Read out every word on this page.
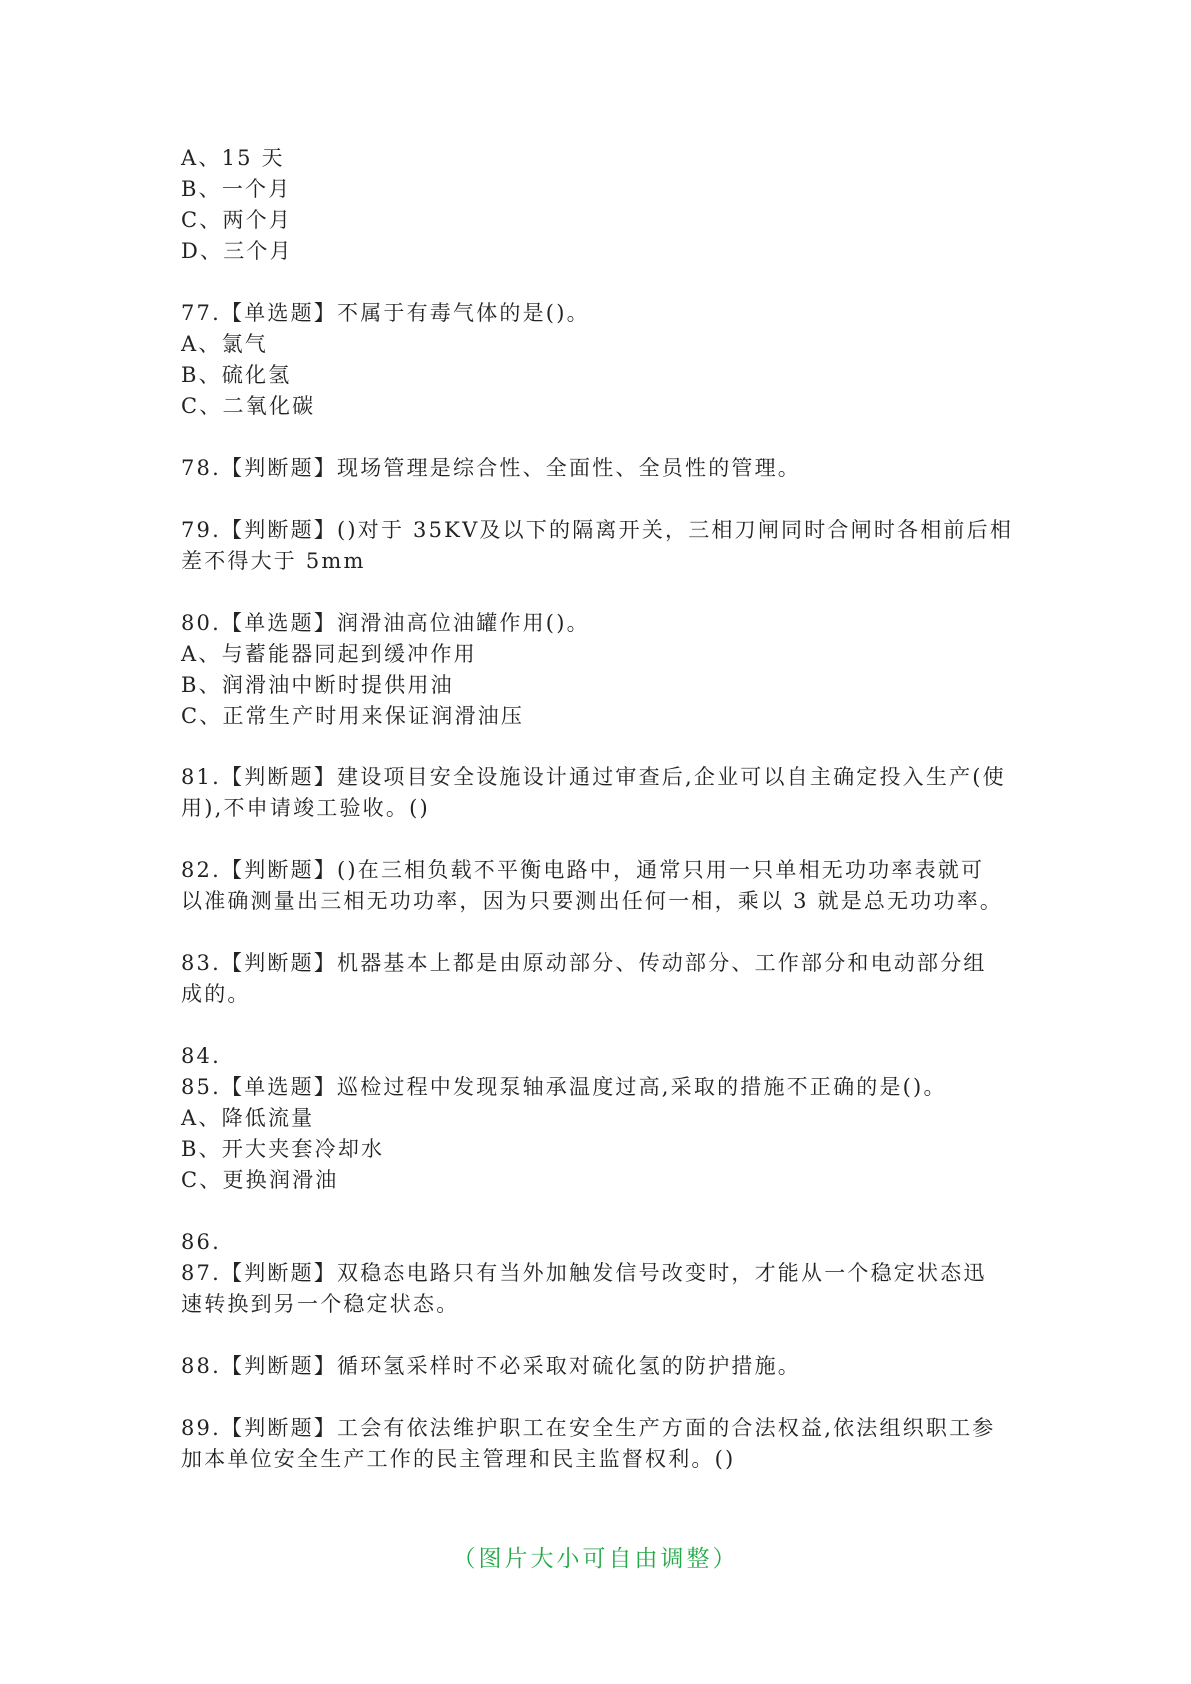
A、15 天
B、一个月
C、两个月
D、三个月
77.【单选题】不属于有毒气体的是()。
A、氯气
B、硫化氢
C、二氧化碳
78.【判断题】现场管理是综合性、全面性、全员性的管理。
79.【判断题】()对于 35KV及以下的隔离开关，三相刀闸同时合闸时各相前后相
差不得大于 5mm
80.【单选题】润滑油高位油罐作用()。
A、与蓄能器同起到缓冲作用
B、润滑油中断时提供用油
C、正常生产时用来保证润滑油压
81.【判断题】建设项目安全设施设计通过审查后,企业可以自主确定投入生产(使
用),不申请竣工验收。()
82.【判断题】()在三相负载不平衡电路中，通常只用一只单相无功功率表就可
以准确测量出三相无功功率，因为只要测出任何一相，乘以 3 就是总无功功率。
83.【判断题】机器基本上都是由原动部分、传动部分、工作部分和电动部分组
成的。
84.
85.【单选题】巡检过程中发现泵轴承温度过高,采取的措施不正确的是()。
A、降低流量
B、开大夹套冷却水
C、更换润滑油
86.
87.【判断题】双稳态电路只有当外加触发信号改变时，才能从一个稳定状态迅
速转换到另一个稳定状态。
88.【判断题】循环氢采样时不必采取对硫化氢的防护措施。
89.【判断题】工会有依法维护职工在安全生产方面的合法权益,依法组织职工参
加本单位安全生产工作的民主管理和民主监督权利。()
（图片大小可自由调整）
